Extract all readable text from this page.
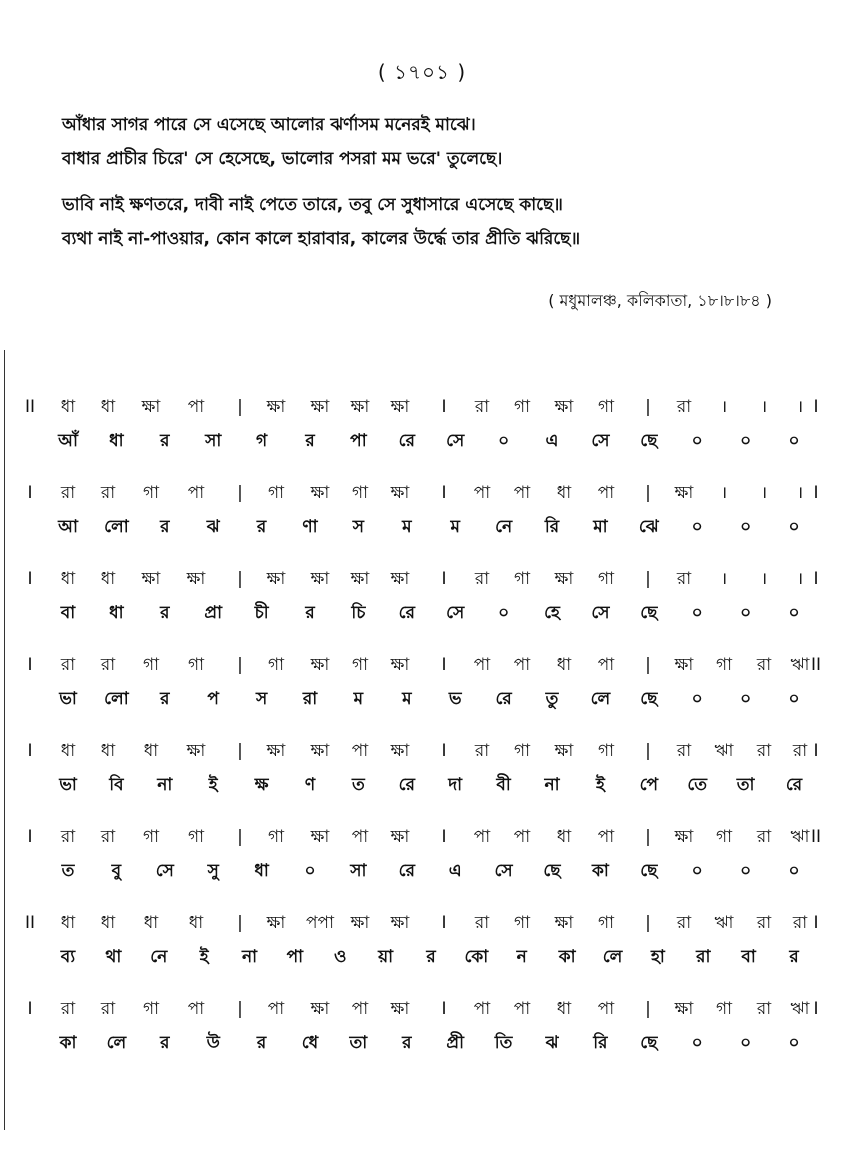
( ১৭০১ )
আঁধার সাগর পারে সে এসেছে আলোর ঝর্ণাসম মনেরই মাঝে।
বাধার প্রাচীর চিরে' সে হেসেছে, ভালোর পসরা মম ভরে' তুলেছে।
ভাবি নাই ক্ষণতরে, দাবী নাই পেতে তারে, তবু সে সুধাসারে এসেছে কাছে॥
ব্যথা নাই না-পাওয়ার, কোন কালে হারাবার, কালের উর্দ্ধে তার প্রীতি ঝরিছে॥
( মধুমালঞ্চ, কলিকাতা, ১৮।৮।৮৪ )
II ধা ধা ক্ষা পা | ক্ষা ক্ষা ক্ষা ক্ষা I রা গা ক্ষা গা | রা । । । I
আঁ ধা র সা গ র পা রে সে ০ এ সে ছে ০ ০ ০
I রা রা গা পা | গা ক্ষা গা ক্ষা I পা পা ধা পা | ক্ষা । । । I
আ লো র ঝ র ণা স ম ম নে রি মা ঝে ০ ০ ০
I ধা ধা ক্ষা ক্ষা | ক্ষা ক্ষা ক্ষা ক্ষা I রা গা ক্ষা গা | রা । । । I
বা ধা র প্রা চী র চি রে সে ০ হে সে ছে ০ ০ ০
I রা রা গা গা | গা ক্ষা গা ক্ষা I পা পা ধা পা | ক্ষা গা রা ঋা II
ভা লো র প স রা ম ম ভ রে তু লে ছে ০ ০ ০
I ধা ধা ধা ক্ষা | ক্ষা ক্ষা পা ক্ষা I রা গা ক্ষা গা | রা ঋা রা রা I
ভা বি না ই ক্ষ ণ ত রে দা বী না ই পে তে তা রে
I রা রা গা গা | গা ক্ষা পা ক্ষা I পা পা ধা পা | ক্ষা গা রা ঋা II
ত বু সে সু ধা ০ সা রে এ সে ছে কা ছে ০ ০ ০
II ধা ধা ধা ধা | ক্ষা পপা ক্ষা ক্ষা I রা গা ক্ষা গা | রা ঋা রা রা I
ব্য থা নে ই না পা ও য়া র কো ন কা লে হা রা বা র
I রা রা গা পা | পা ক্ষা পা ক্ষা I পা পা ধা পা | ক্ষা গা রা ঋা I
কা লে র উ র ধে তা র প্রী তি ঝ রি ছে ০ ০ ০
